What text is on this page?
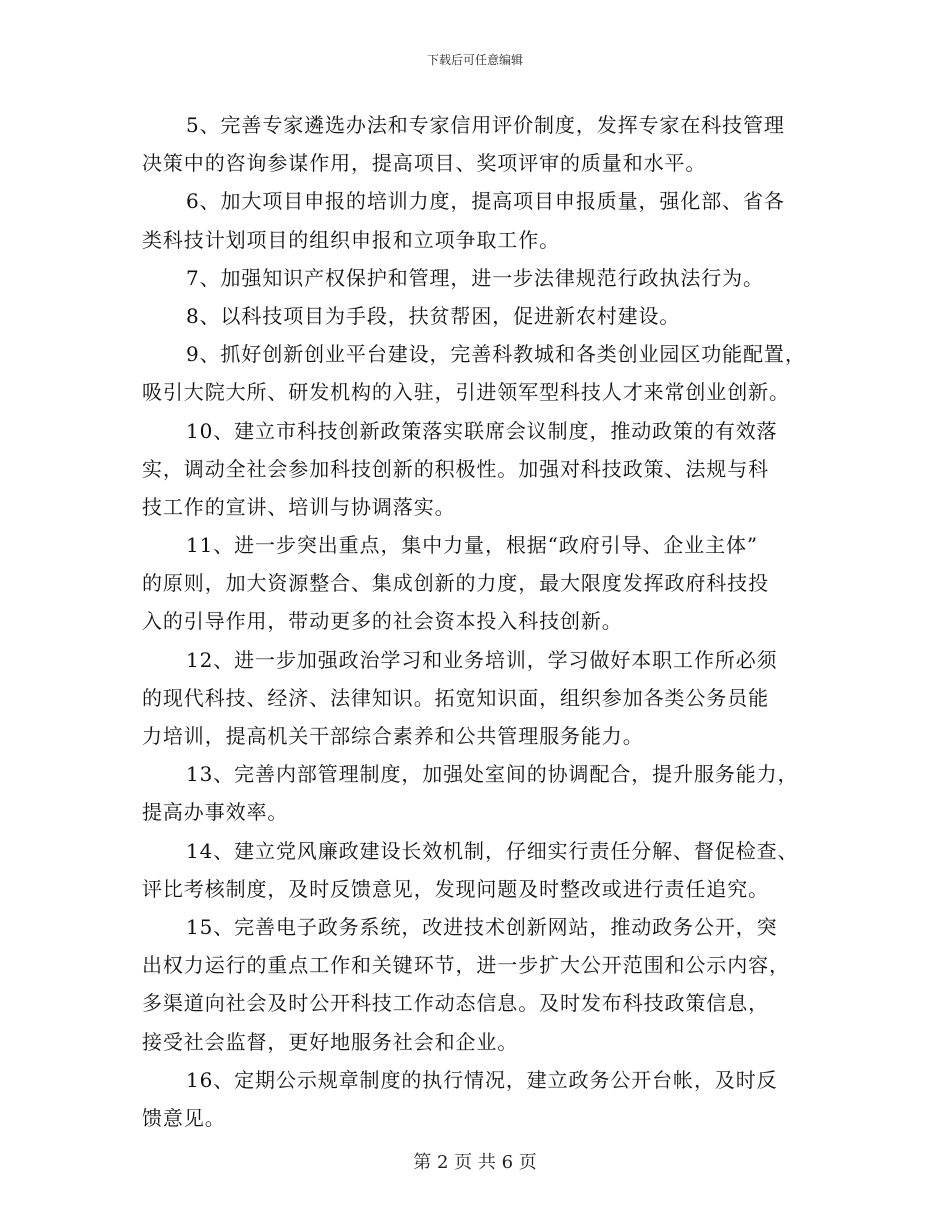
下载后可任意编辑
5、完善专家遴选办法和专家信用评价制度，发挥专家在科技管理
决策中的咨询参谋作用，提高项目、奖项评审的质量和水平。
6、加大项目申报的培训力度，提高项目申报质量，强化部、省各
类科技计划项目的组织申报和立项争取工作。
7、加强知识产权保护和管理，进一步法律规范行政执法行为。
8、以科技项目为手段，扶贫帮困，促进新农村建设。
9、抓好创新创业平台建设，完善科教城和各类创业园区功能配置，
吸引大院大所、研发机构的入驻，引进领军型科技人才来常创业创新。
10、建立市科技创新政策落实联席会议制度，推动政策的有效落
实，调动全社会参加科技创新的积极性。加强对科技政策、法规与科
技工作的宣讲、培训与协调落实。
11、进一步突出重点，集中力量，根据“政府引导、企业主体”
的原则，加大资源整合、集成创新的力度，最大限度发挥政府科技投
入的引导作用，带动更多的社会资本投入科技创新。
12、进一步加强政治学习和业务培训，学习做好本职工作所必须
的现代科技、经济、法律知识。拓宽知识面，组织参加各类公务员能
力培训，提高机关干部综合素养和公共管理服务能力。
13、完善内部管理制度，加强处室间的协调配合，提升服务能力，
提高办事效率。
14、建立党风廉政建设长效机制，仔细实行责任分解、督促检查、
评比考核制度，及时反馈意见，发现问题及时整改或进行责任追究。
15、完善电子政务系统，改进技术创新网站，推动政务公开，突
出权力运行的重点工作和关键环节，进一步扩大公开范围和公示内容，
多渠道向社会及时公开科技工作动态信息。及时发布科技政策信息，
接受社会监督，更好地服务社会和企业。
16、定期公示规章制度的执行情况，建立政务公开台帐，及时反
馈意见。
第 2 页 共 6 页
